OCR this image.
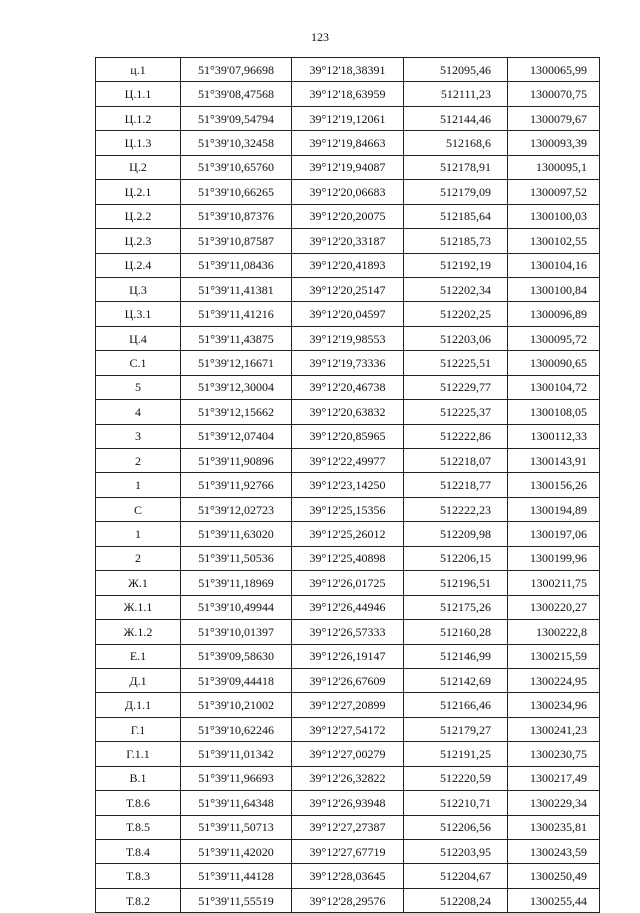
123
ц.1	51°39'07,96698	39°12'18,38391	512095,46	1300065,99
Ц.1.1	51°39'08,47568	39°12'18,63959	512111,23	1300070,75
Ц.1.2	51°39'09,54794	39°12'19,12061	512144,46	1300079,67
Ц.1.3	51°39'10,32458	39°12'19,84663	512168,6	1300093,39
Ц.2	51°39'10,65760	39°12'19,94087	512178,91	1300095,1
Ц.2.1	51°39'10,66265	39°12'20,06683	512179,09	1300097,52
Ц.2.2	51°39'10,87376	39°12'20,20075	512185,64	1300100,03
Ц.2.3	51°39'10,87587	39°12'20,33187	512185,73	1300102,55
Ц.2.4	51°39'11,08436	39°12'20,41893	512192,19	1300104,16
Ц.3	51°39'11,41381	39°12'20,25147	512202,34	1300100,84
Ц.3.1	51°39'11,41216	39°12'20,04597	512202,25	1300096,89
Ц.4	51°39'11,43875	39°12'19,98553	512203,06	1300095,72
С.1	51°39'12,16671	39°12'19,73336	512225,51	1300090,65
5	51°39'12,30004	39°12'20,46738	512229,77	1300104,72
4	51°39'12,15662	39°12'20,63832	512225,37	1300108,05
3	51°39'12,07404	39°12'20,85965	512222,86	1300112,33
2	51°39'11,90896	39°12'22,49977	512218,07	1300143,91
1	51°39'11,92766	39°12'23,14250	512218,77	1300156,26
С	51°39'12,02723	39°12'25,15356	512222,23	1300194,89
1	51°39'11,63020	39°12'25,26012	512209,98	1300197,06
2	51°39'11,50536	39°12'25,40898	512206,15	1300199,96
Ж.1	51°39'11,18969	39°12'26,01725	512196,51	1300211,75
Ж.1.1	51°39'10,49944	39°12'26,44946	512175,26	1300220,27
Ж.1.2	51°39'10,01397	39°12'26,57333	512160,28	1300222,8
Е.1	51°39'09,58630	39°12'26,19147	512146,99	1300215,59
Д.1	51°39'09,44418	39°12'26,67609	512142,69	1300224,95
Д.1.1	51°39'10,21002	39°12'27,20899	512166,46	1300234,96
Г.1	51°39'10,62246	39°12'27,54172	512179,27	1300241,23
Г.1.1	51°39'11,01342	39°12'27,00279	512191,25	1300230,75
В.1	51°39'11,96693	39°12'26,32822	512220,59	1300217,49
Т.8.6	51°39'11,64348	39°12'26,93948	512210,71	1300229,34
Т.8.5	51°39'11,50713	39°12'27,27387	512206,56	1300235,81
Т.8.4	51°39'11,42020	39°12'27,67719	512203,95	1300243,59
Т.8.3	51°39'11,44128	39°12'28,03645	512204,67	1300250,49
Т.8.2	51°39'11,55519	39°12'28,29576	512208,24	1300255,44
